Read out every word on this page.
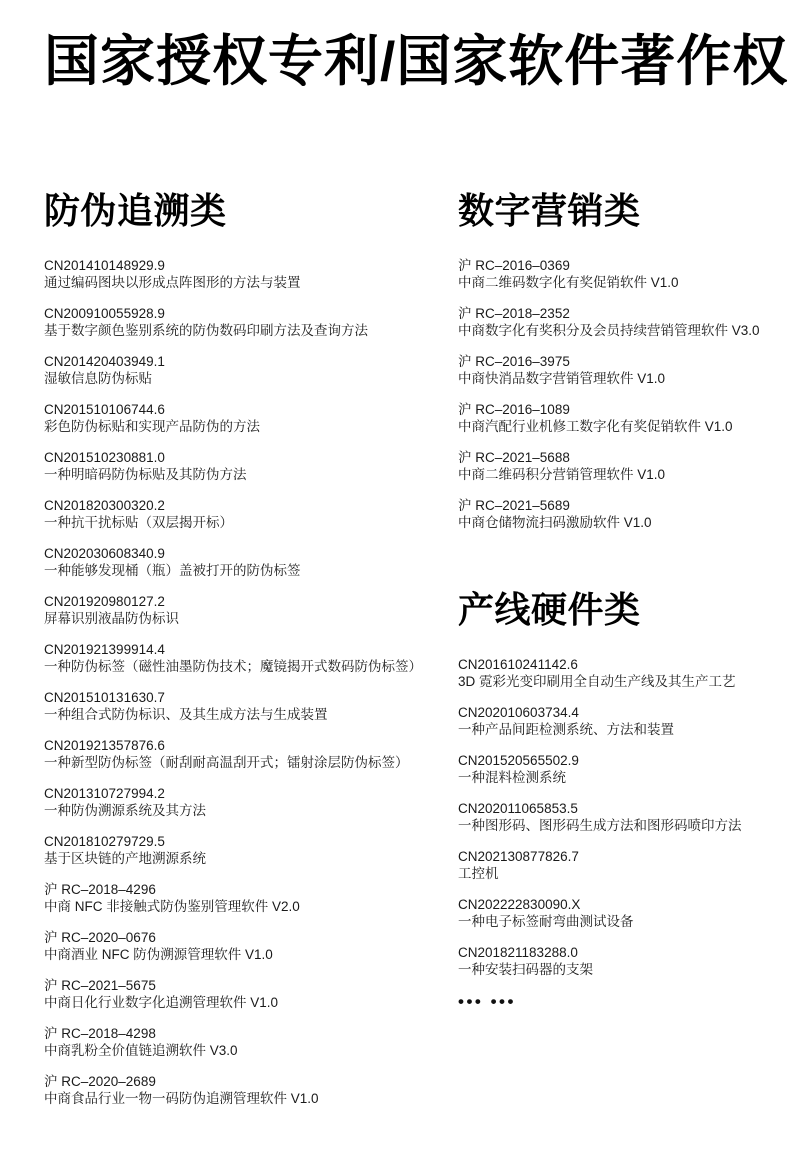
国家授权专利/国家软件著作权
防伪追溯类
CN201410148929.9
通过编码图块以形成点阵图形的方法与装置
CN200910055928.9
基于数字颜色鉴别系统的防伪数码印刷方法及查询方法
CN201420403949.1
湿敏信息防伪标贴
CN201510106744.6
彩色防伪标贴和实现产品防伪的方法
CN201510230881.0
一种明暗码防伪标贴及其防伪方法
CN201820300320.2
一种抗干扰标贴（双层揭开标）
CN202030608340.9
一种能够发现桶（瓶）盖被打开的防伪标签
CN201920980127.2
屏幕识别液晶防伪标识
CN201921399914.4
一种防伪标签（磁性油墨防伪技术；魔镜揭开式数码防伪标签）
CN201510131630.7
一种组合式防伪标识、及其生成方法与生成装置
CN201921357876.6
一种新型防伪标签（耐刮耐高温刮开式；镭射涂层防伪标签）
CN201310727994.2
一种防伪溯源系统及其方法
CN201810279729.5
基于区块链的产地溯源系统
沪 RC–2018–4296
中商 NFC 非接触式防伪鉴别管理软件 V2.0
沪 RC–2020–0676
中商酒业 NFC 防伪溯源管理软件 V1.0
沪 RC–2021–5675
中商日化行业数字化追溯管理软件 V1.0
沪 RC–2018–4298
中商乳粉全价值链追溯软件 V3.0
沪 RC–2020–2689
中商食品行业一物一码防伪追溯管理软件 V1.0
数字营销类
沪 RC–2016–0369
中商二维码数字化有奖促销软件 V1.0
沪 RC–2018–2352
中商数字化有奖积分及会员持续营销管理软件 V3.0
沪 RC–2016–3975
中商快消品数字营销管理软件 V1.0
沪 RC–2016–1089
中商汽配行业机修工数字化有奖促销软件 V1.0
沪 RC–2021–5688
中商二维码积分营销管理软件 V1.0
沪 RC–2021–5689
中商仓储物流扫码激励软件 V1.0
产线硬件类
CN201610241142.6
3D 霓彩光变印刷用全自动生产线及其生产工艺
CN202010603734.4
一种产品间距检测系统、方法和装置
CN201520565502.9
一种混料检测系统
CN202011065853.5
一种图形码、图形码生成方法和图形码喷印方法
CN202130877826.7
工控机
CN202222830090.X
一种电子标签耐弯曲测试设备
CN201821183288.0
一种安装扫码器的支架
••• •••
